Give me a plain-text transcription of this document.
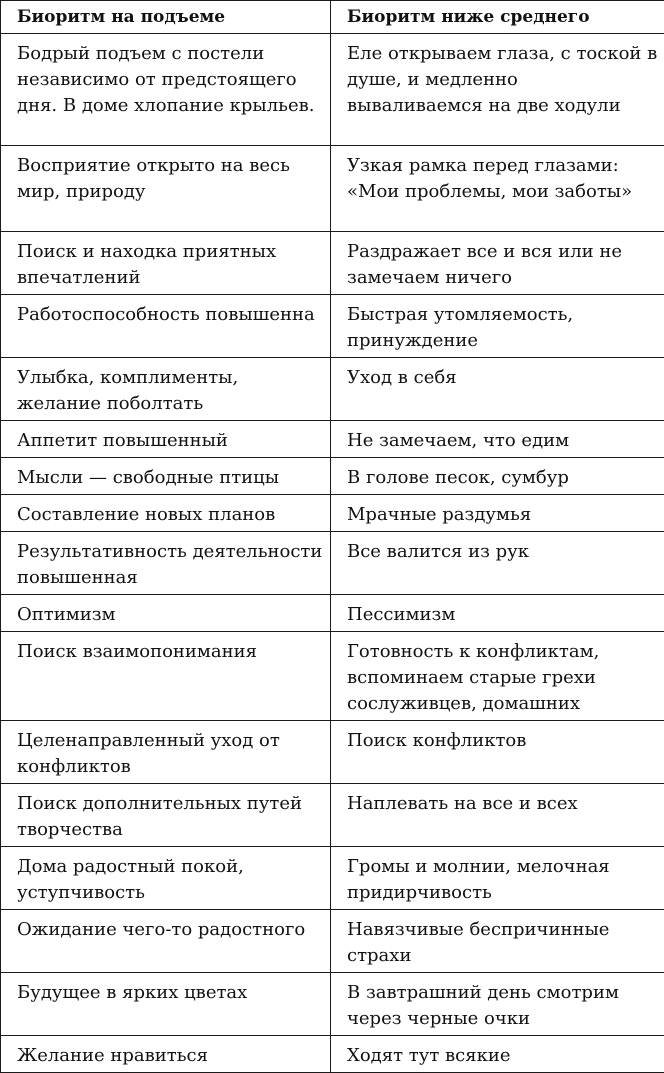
Биоритм на подъеме	Биоритм ниже среднего
Бодрый подъем с постели независимо от предстоящего дня. В доме хлопание крыльев.	Еле открываем глаза, с тоской в душе, и медленно вываливаемся на две ходули
Восприятие открыто на весь мир, природу	Узкая рамка перед глазами: «Мои проблемы, мои заботы»
Поиск и находка приятных впечатлений	Раздражает все и вся или не замечаем ничего
Работоспособность повышенна	Быстрая утомляемость, принуждение
Улыбка, комплименты, желание поболтать	Уход в себя
Аппетит повышенный	Не замечаем, что едим
Мысли — свободные птицы	В голове песок, сумбур
Составление новых планов	Мрачные раздумья
Результативность деятельности повышенная	Все валится из рук
Оптимизм	Пессимизм
Поиск взаимопонимания	Готовность к конфликтам, вспоминаем старые грехи сослуживцев, домашних
Целенаправленный уход от конфликтов	Поиск конфликтов
Поиск дополнительных путей творчества	Наплевать на все и всех
Дома радостный покой, уступчивость	Громы и молнии, мелочная придирчивость
Ожидание чего-то радостного	Навязчивые беспричинные страхи
Будущее в ярких цветах	В завтрашний день смотрим через черные очки
Желание нравиться	Ходят тут всякие
